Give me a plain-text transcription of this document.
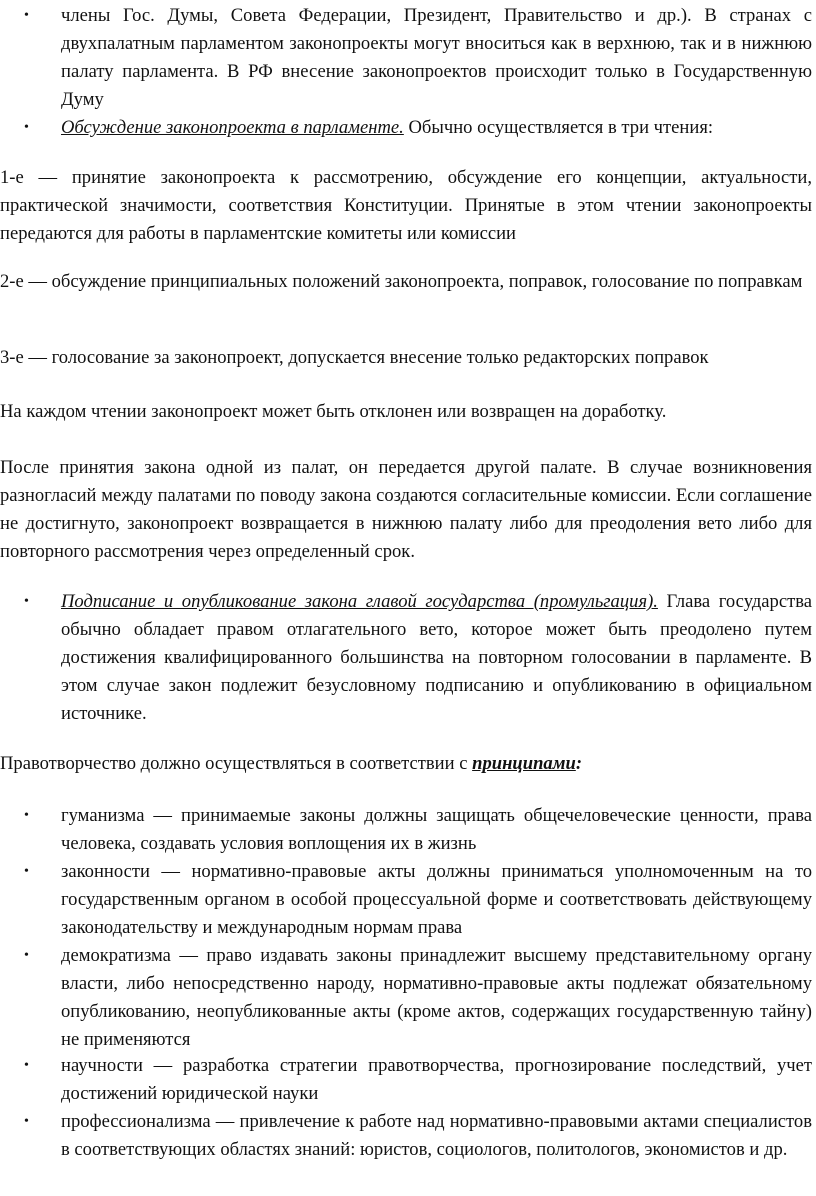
• члены Гос. Думы, Совета Федерации, Президент, Правительство и др.). В странах с двухпалатным парламентом законопроекты могут вноситься как в верхнюю, так и в нижнюю палату парламента. В РФ внесение законопроектов происходит только в Государственную Думу
• Обсуждение законопроекта в парламенте. Обычно осуществляется в три чтения:

1-е — принятие законопроекта к рассмотрению, обсуждение его концепции, актуальности, практической значимости, соответствия Конституции. Принятые в этом чтении законопроекты передаются для работы в парламентские комитеты или комиссии

2-е — обсуждение принципиальных положений законопроекта, поправок, голосование по поправкам

3-е — голосование за законопроект, допускается внесение только редакторских поправок

На каждом чтении законопроект может быть отклонен или возвращен на доработку.

После принятия закона одной из палат, он передается другой палате. В случае возникновения разногласий между палатами по поводу закона создаются согласительные комиссии. Если соглашение не достигнуто, законопроект возвращается в нижнюю палату либо для преодоления вето либо для повторного рассмотрения через определенный срок.

• Подписание и опубликование закона главой государства (промульгация). Глава государства обычно обладает правом отлагательного вето, которое может быть преодолено путем достижения квалифицированного большинства на повторном голосовании в парламенте. В этом случае закон подлежит безусловному подписанию и опубликованию в официальном источнике.

Правотворчество должно осуществляться в соответствии с принципами:

• гуманизма — принимаемые законы должны защищать общечеловеческие ценности, права человека, создавать условия воплощения их в жизнь
• законности — нормативно-правовые акты должны приниматься уполномоченным на то государственным органом в особой процессуальной форме и соответствовать действующему законодательству и международным нормам права
• демократизма — право издавать законы принадлежит высшему представительному органу власти, либо непосредственно народу, нормативно-правовые акты подлежат обязательному опубликованию, неопубликованные акты (кроме актов, содержащих государственную тайну) не применяются
• научности — разработка стратегии правотворчества, прогнозирование последствий, учет достижений юридической науки
• профессионализма — привлечение к работе над нормативно-правовыми актами специалистов в соответствующих областях знаний: юристов, социологов, политологов, экономистов и др.
